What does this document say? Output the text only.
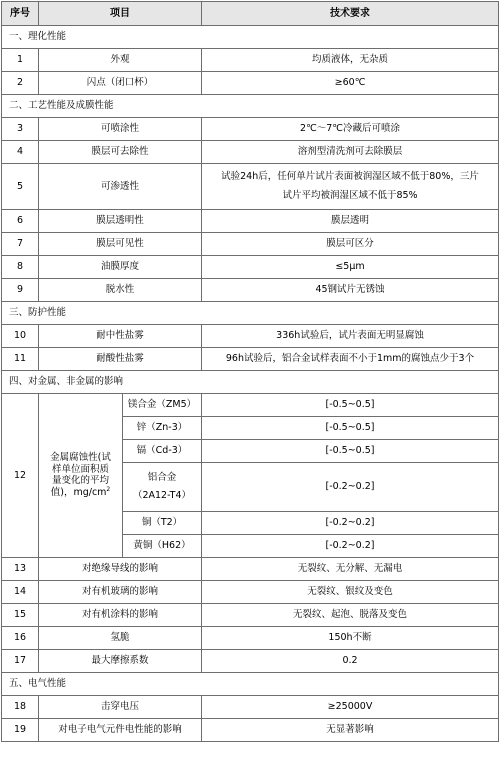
序号	项目		技术要求
一、理化性能			
1	外观		均质液体，无杂质
2	闪点（闭口杯）		≥60℃
二、工艺性能及成膜性能			
3	可喷涂性		2℃～7℃冷藏后可喷涂
4	膜层可去除性		溶剂型清洗剂可去除膜层
5	可渗透性		试验24h后，任何单片试片表面被润湿区域不低于80%，三片
试片平均被润湿区域不低于85%
6	膜层透明性		膜层透明
7	膜层可见性		膜层可区分
8	油膜厚度		≤5μm
9	脱水性		45钢试片无锈蚀
三、防护性能			
10	耐中性盐雾		336h试验后，试片表面无明显腐蚀
11	耐酸性盐雾		96h试验后，铝合金试样表面不小于1mm的腐蚀点少于3个
四、对金属、非金属的影响			
12	金属腐蚀性(试
样单位面积质
量变化的平均
值)，$mg/cm^2$	镁合金（ZM5）	[-0.5~0.5]
		锌（Zn-3）	[-0.5~0.5]
		镉（Cd-3）	[-0.5~0.5]
		铝合金
（2A12-T4）	[-0.2~0.2]
		铜（T2）	[-0.2~0.2]
		黄铜（H62）	[-0.2~0.2]
13	对绝缘导线的影响		无裂纹、无分解、无漏电
14	对有机玻璃的影响		无裂纹、银纹及变色
15	对有机涂料的影响		无裂纹、起泡、脱落及变色
16	氢脆		150h不断
17	最大摩擦系数		0.2
五、电气性能			
18	击穿电压		≥25000V
19	对电子电气元件电性能的影响		无显著影响
